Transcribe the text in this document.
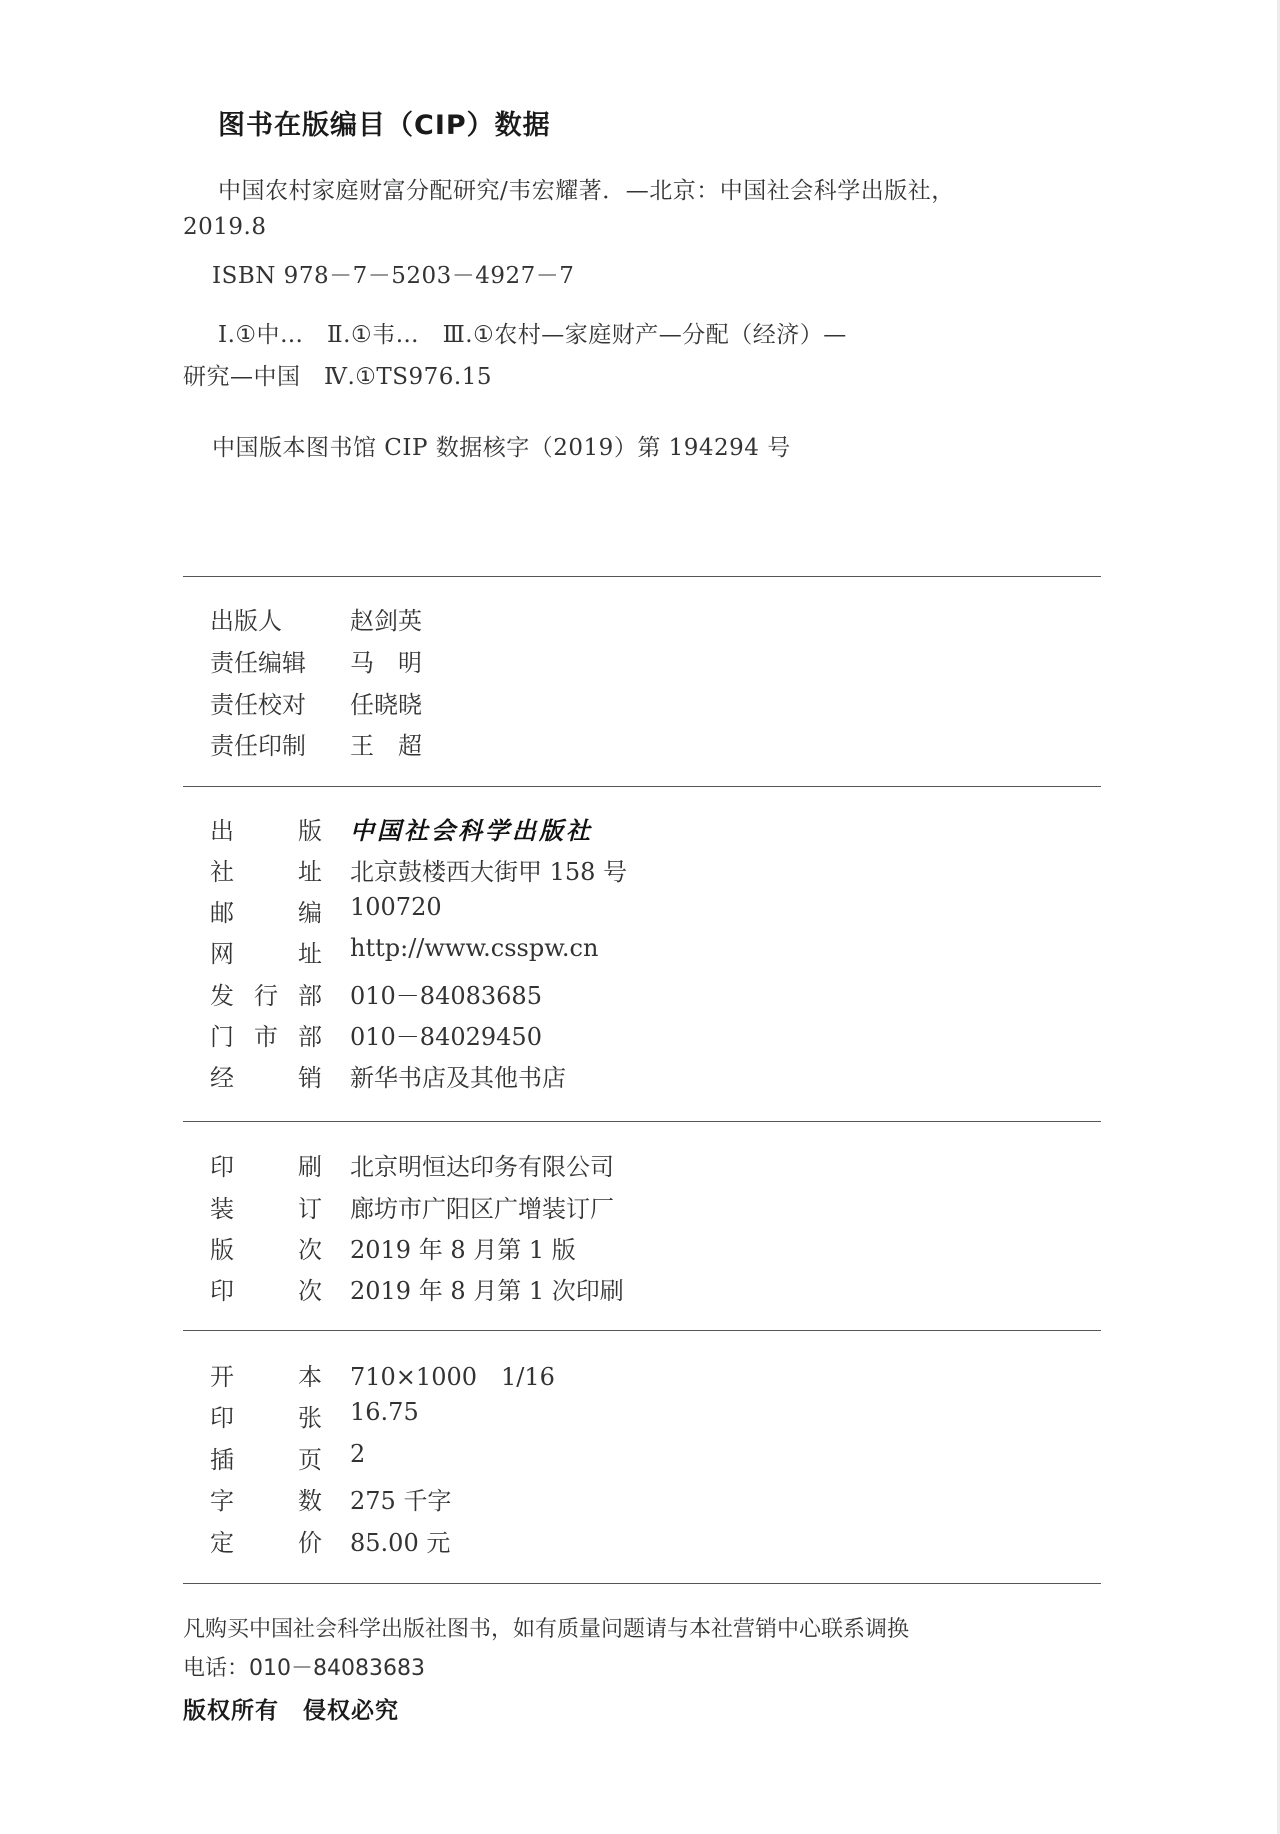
图书在版编目（CIP）数据
中国农村家庭财富分配研究/韦宏耀著．—北京：中国社会科学出版社，
2019.8
ISBN 978－7－5203－4927－7
Ⅰ.①中…　Ⅱ.①韦…　Ⅲ.①农村—家庭财产—分配（经济）—
研究—中国　Ⅳ.①TS976.15
中国版本图书馆 CIP 数据核字（2019）第 194294 号
出版人	赵剑英
责任编辑 马　明
责任校对 任晓晓
责任印制 王　超
出	版 中国社会科学出版社
社	址 北京鼓楼西大街甲 158 号
邮	编 100720
网	址 http://www.csspw.cn
发 行 部 010－84083685
门 市 部 010－84029450
经	销 新华书店及其他书店
印	刷 北京明恒达印务有限公司
装	订 廊坊市广阳区广增装订厂
版	次 2019 年 8 月第 1 版
印	次 2019 年 8 月第 1 次印刷
开	本 710×1000　1/16
印	张 16.75
插	页 2
字	数 275 千字
定	价 85.00 元
凡购买中国社会科学出版社图书，如有质量问题请与本社营销中心联系调换
电话：010－84083683
版权所有　侵权必究
